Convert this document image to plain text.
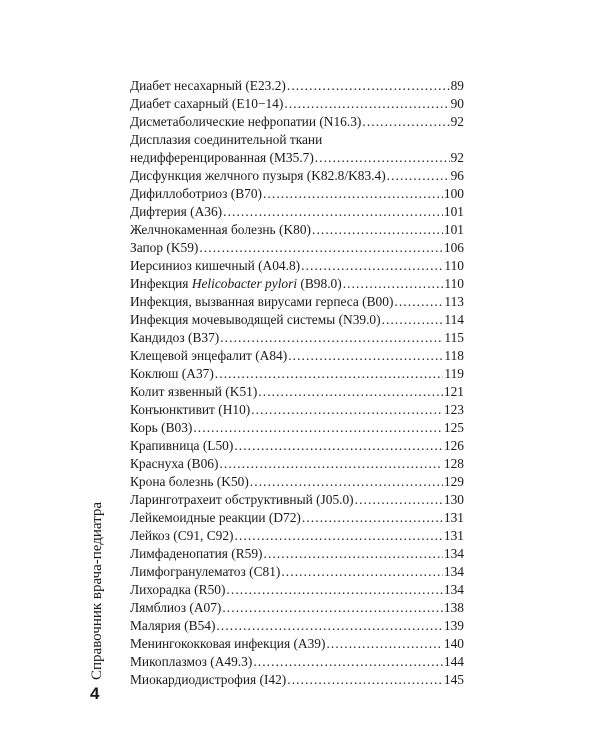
Диабет несахарный (E23.2) .....	89
Диабет сахарный (E10−14) .....	90
Дисметаболические нефропатии (N16.3) .....	92
Дисплазия соединительной ткани
недифференцированная (M35.7) .....	92
Дисфункция желчного пузыря (K82.8/K83.4) .....	96
Дифиллоботриоз (B70) .....	100
Дифтерия (A36) .....	101
Желчнокаменная болезнь (K80) .....	101
Запор (K59) .....	106
Иерсиниоз кишечный (A04.8) .....	110
Инфекция Helicobacter pylori (B98.0) .....	110
Инфекция, вызванная вирусами герпеса (B00) .....	113
Инфекция мочевыводящей системы (N39.0) .....	114
Кандидоз (B37) .....	115
Клещевой энцефалит (A84) .....	118
Коклюш (A37) .....	119
Колит язвенный (K51) .....	121
Конъюнктивит (H10) .....	123
Корь (B03) .....	125
Крапивница (L50) .....	126
Краснуха (B06) .....	128
Крона болезнь (K50) .....	129
Ларинготрахеит обструктивный (J05.0) .....	130
Лейкемоидные реакции (D72) .....	131
Лейкоз (C91, C92) .....	131
Лимфаденопатия (R59) .....	134
Лимфогранулематоз (C81) .....	134
Лихорадка (R50) .....	134
Лямблиоз (A07) .....	138
Малярия (B54) .....	139
Менингококковая инфекция (A39) .....	140
Микоплазмоз (A49.3) .....	144
Миокардиодистрофия (I42) .....	145
Справочник врача-педиатра
4
